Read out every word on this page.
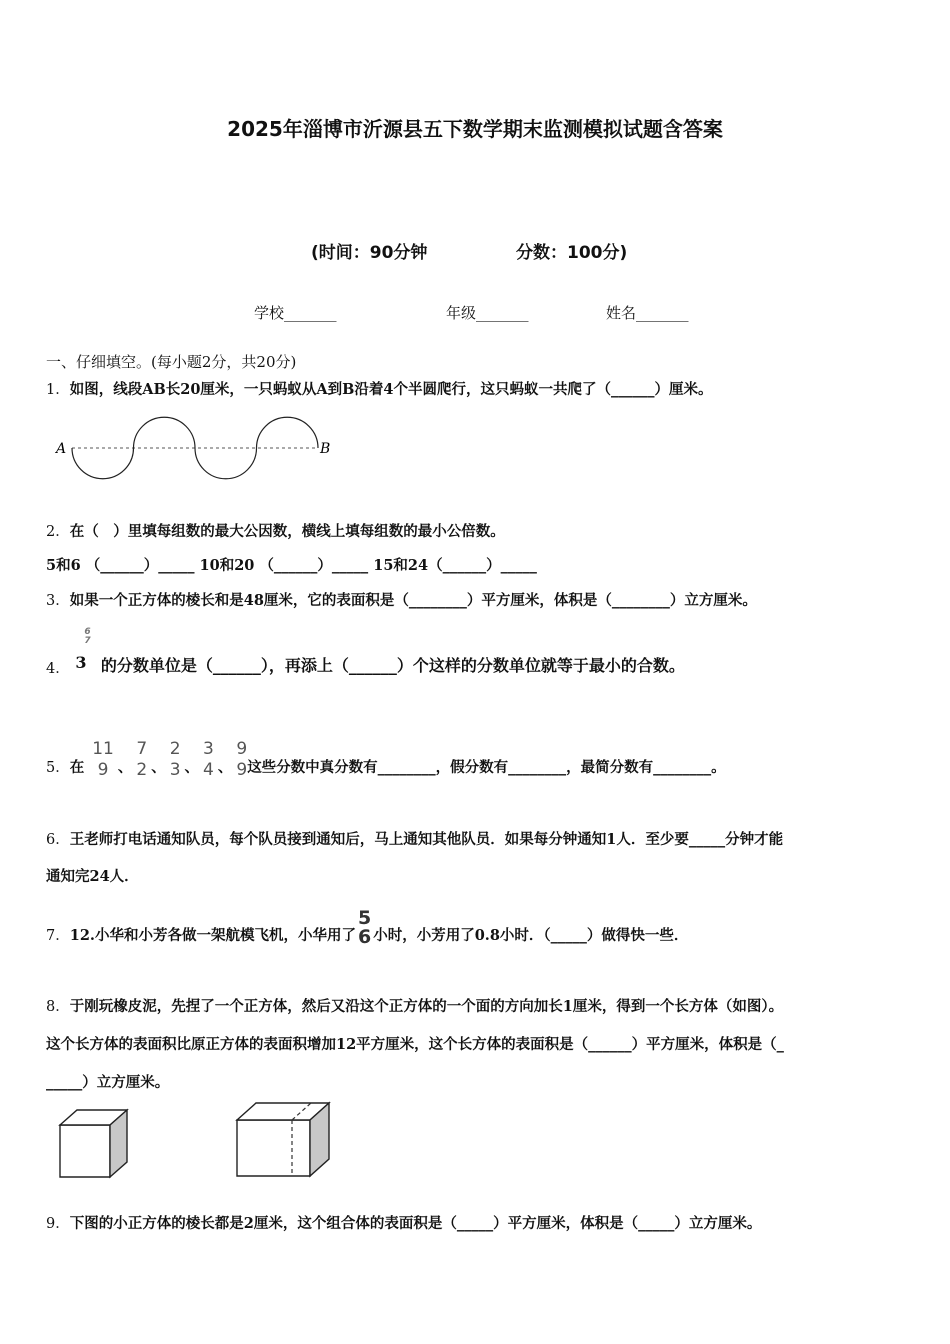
2025年淄博市沂源县五下数学期末监测模拟试题含答案
(时间：90分钟	分数：100分)
学校_______	年级_______	姓名_______
一、仔细填空。(每小题2分，共20分)
1．如图，线段AB长20厘米，一只蚂蚁从A到B沿着4个半圆爬行，这只蚂蚁一共爬了（______）厘米。
A	B
2．在（　）里填每组数的最大公因数，横线上填每组数的最小公倍数。
5和6 （______）_____ 10和20 （______）_____ 15和24（______）_____
3．如果一个正方体的棱长和是48厘米，它的表面积是（________）平方厘米，体积是（________）立方厘米。
4．
6
7
3 的分数单位是（______），再添上（______）个这样的分数单位就等于最小的合数。
5． 在
11
9 、
7
2 、
2
3 、
3
4 、
9
9 这些分数中真分数有________，假分数有________，最简分数有________。
6．王老师打电话通知队员，每个队员接到通知后，马上通知其他队员．如果每分钟通知1人．至少要_____分钟才能
通知完24人．
7． 12.小华和小芳各做一架航模飞机，小华用了
5
6 小时，小芳用了0.8小时．（_____）做得快一些．
8．于刚玩橡皮泥，先捏了一个正方体，然后又沿这个正方体的一个面的方向加长1厘米，得到一个长方体（如图）。
这个长方体的表面积比原正方体的表面积增加12平方厘米，这个长方体的表面积是（______）平方厘米，体积是（_
_____）立方厘米。
9．下图的小正方体的棱长都是2厘米，这个组合体的表面积是（_____）平方厘米，体积是（_____）立方厘米。
